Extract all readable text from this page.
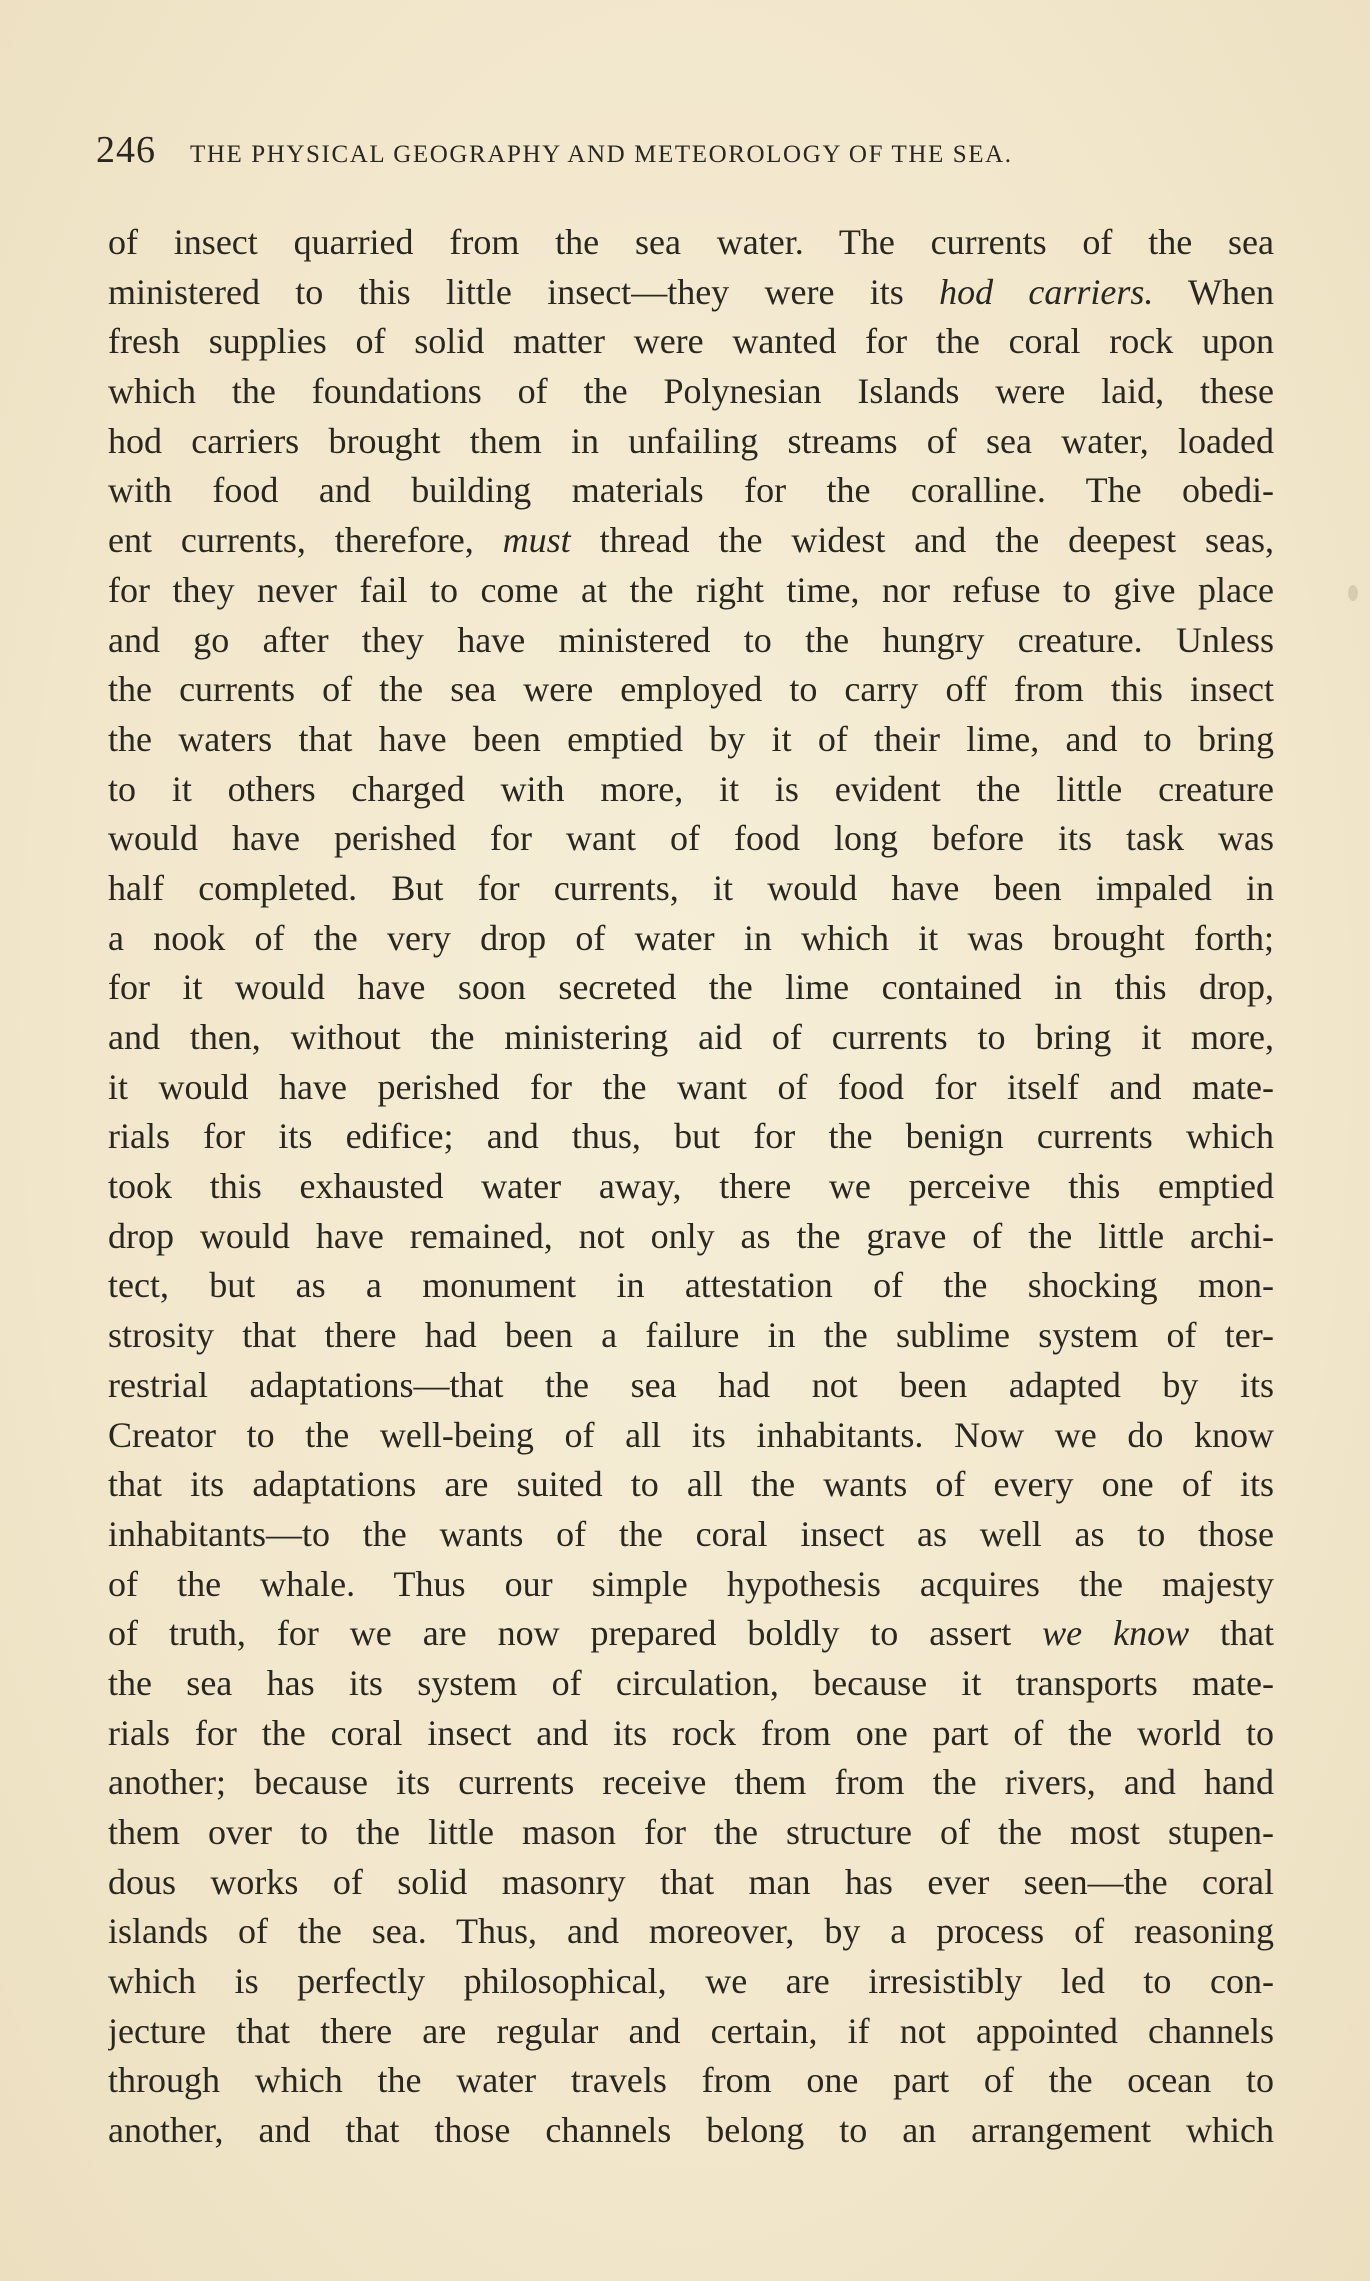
246 THE PHYSICAL GEOGRAPHY AND METEOROLOGY OF THE SEA.
of insect quarried from the sea water. The currents of the sea
ministered to this little insect—they were its hod carriers. When
fresh supplies of solid matter were wanted for the coral rock upon
which the foundations of the Polynesian Islands were laid, these
hod carriers brought them in unfailing streams of sea water, loaded
with food and building materials for the coralline. The obedi-
ent currents, therefore, must thread the widest and the deepest seas,
for they never fail to come at the right time, nor refuse to give place
and go after they have ministered to the hungry creature. Unless
the currents of the sea were employed to carry off from this insect
the waters that have been emptied by it of their lime, and to bring
to it others charged with more, it is evident the little creature
would have perished for want of food long before its task was
half completed. But for currents, it would have been impaled in
a nook of the very drop of water in which it was brought forth;
for it would have soon secreted the lime contained in this drop,
and then, without the ministering aid of currents to bring it more,
it would have perished for the want of food for itself and mate-
rials for its edifice; and thus, but for the benign currents which
took this exhausted water away, there we perceive this emptied
drop would have remained, not only as the grave of the little archi-
tect, but as a monument in attestation of the shocking mon-
strosity that there had been a failure in the sublime system of ter-
restrial adaptations—that the sea had not been adapted by its
Creator to the well-being of all its inhabitants. Now we do know
that its adaptations are suited to all the wants of every one of its
inhabitants—to the wants of the coral insect as well as to those
of the whale. Thus our simple hypothesis acquires the majesty
of truth, for we are now prepared boldly to assert we know that
the sea has its system of circulation, because it transports mate-
rials for the coral insect and its rock from one part of the world to
another; because its currents receive them from the rivers, and hand
them over to the little mason for the structure of the most stupen-
dous works of solid masonry that man has ever seen—the coral
islands of the sea. Thus, and moreover, by a process of reasoning
which is perfectly philosophical, we are irresistibly led to con-
jecture that there are regular and certain, if not appointed channels
through which the water travels from one part of the ocean to
another, and that those channels belong to an arrangement which
